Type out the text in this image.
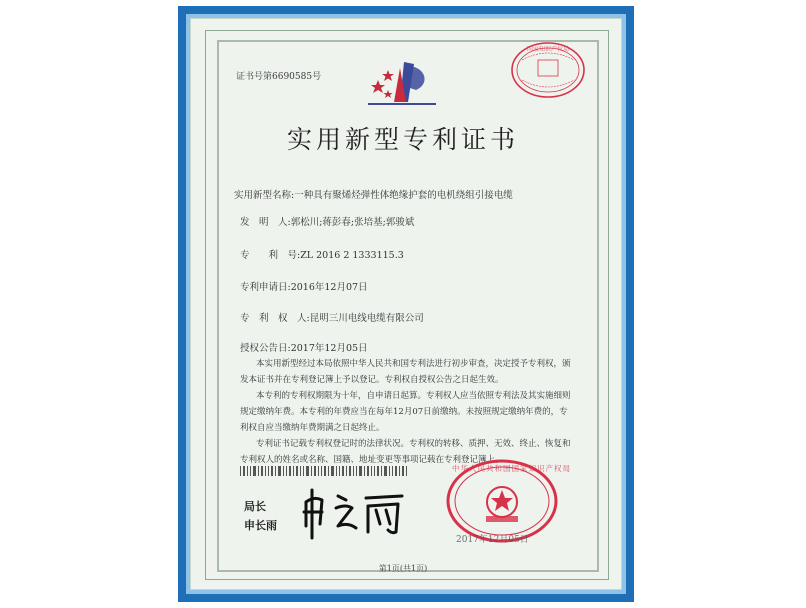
证书号第6690585号
国家知识产权局
实用新型专利证书
实用新型名称:一种具有聚烯烃弹性体绝缘护套的电机绕组引接电缆
发　明　人:郭松川;蒋彭春;张培基;郭骏斌
专　　利　号:ZL 2016 2 1333115.3
专利申请日:2016年12月07日
专　利　权　人:昆明三川电线电缆有限公司
授权公告日:2017年12月05日
本实用新型经过本局依照中华人民共和国专利法进行初步审查，决定授予专利权，颁
发本证书并在专利登记簿上予以登记。专利权自授权公告之日起生效。
本专利的专利权期限为十年，自申请日起算。专利权人应当依照专利法及其实施细则
规定缴纳年费。本专利的年费应当在每年12月07日前缴纳。未按照规定缴纳年费的，专
利权自应当缴纳年费期满之日起终止。
专利证书记载专利权登记时的法律状况。专利权的转移、质押、无效、终止、恢复和
专利权人的姓名或名称、国籍、地址变更等事项记载在专利登记簿上。
局长
申长雨
中华人民共和国国家知识产权局
2017年12月05日
第1页(共1页)
